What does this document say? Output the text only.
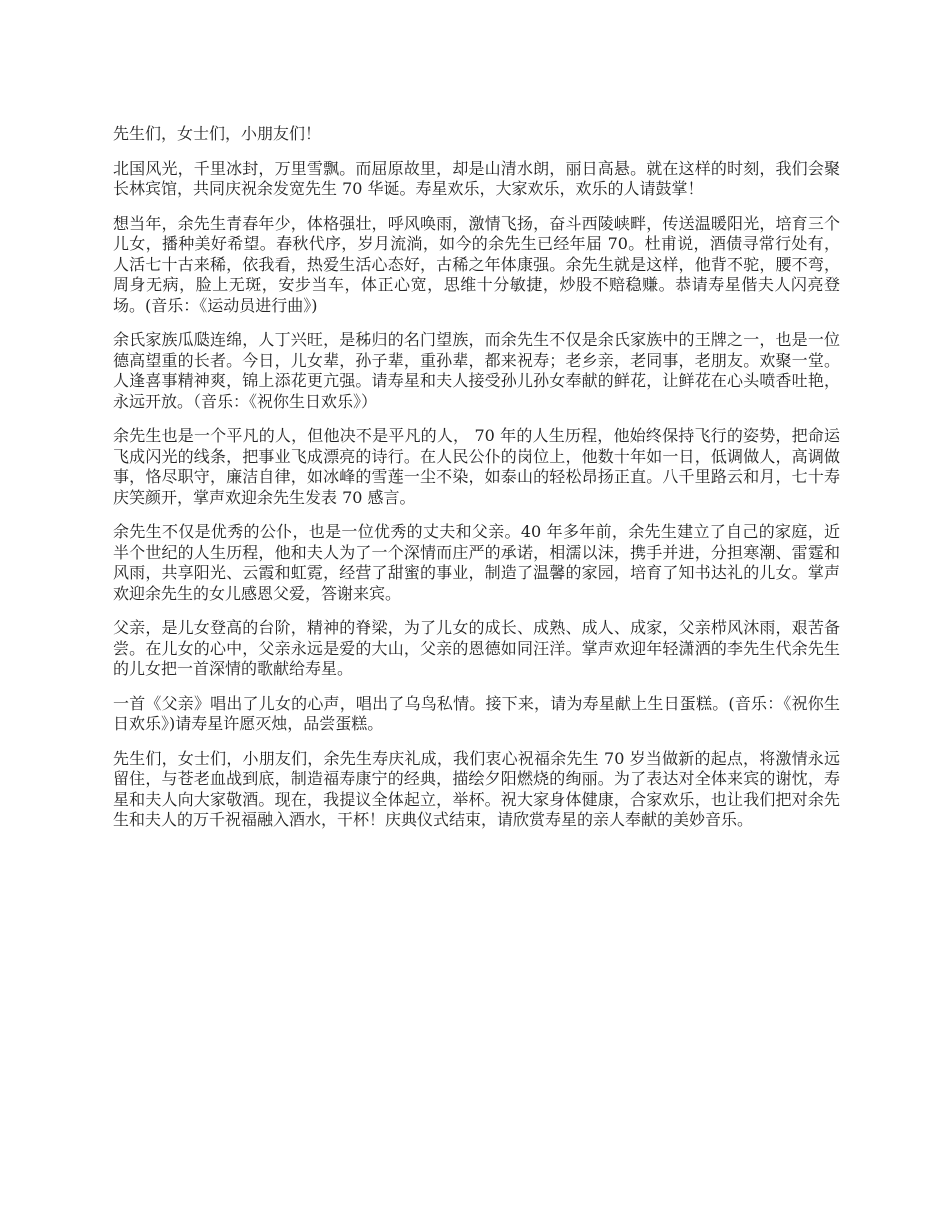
先生们，女士们，小朋友们！

北国风光，千里冰封，万里雪飘。而屈原故里，却是山清水朗，丽日高悬。就在这样的时刻，我们会聚长林宾馆，共同庆祝余发宽先生 70 华诞。寿星欢乐，大家欢乐，欢乐的人请鼓掌！

想当年，余先生青春年少，体格强壮，呼风唤雨，激情飞扬，奋斗西陵峡畔，传送温暖阳光，培育三个儿女，播种美好希望。春秋代序，岁月流淌，如今的余先生已经年届 70。杜甫说，酒债寻常行处有，人活七十古来稀，依我看，热爱生活心态好，古稀之年体康强。余先生就是这样，他背不驼，腰不弯，周身无病，脸上无斑，安步当车，体正心宽，思维十分敏捷，炒股不赔稳赚。恭请寿星偕夫人闪亮登场。(音乐：《运动员进行曲》)

余氏家族瓜瓞连绵，人丁兴旺，是秭归的名门望族，而余先生不仅是余氏家族中的王牌之一，也是一位德高望重的长者。今日，儿女辈，孙子辈，重孙辈，都来祝寿；老乡亲，老同事，老朋友。欢聚一堂。人逢喜事精神爽，锦上添花更亢强。请寿星和夫人接受孙儿孙女奉献的鲜花，让鲜花在心头喷香吐艳，永远开放。（音乐：《祝你生日欢乐》）

余先生也是一个平凡的人，但他决不是平凡的人， 70 年的人生历程，他始终保持飞行的姿势，把命运飞成闪光的线条，把事业飞成漂亮的诗行。在人民公仆的岗位上，他数十年如一日，低调做人，高调做事，恪尽职守，廉洁自律，如冰峰的雪莲一尘不染，如泰山的轻松昂扬正直。八千里路云和月，七十寿庆笑颜开，掌声欢迎余先生发表 70 感言。

余先生不仅是优秀的公仆，也是一位优秀的丈夫和父亲。40 年多年前，余先生建立了自己的家庭，近半个世纪的人生历程，他和夫人为了一个深情而庄严的承诺，相濡以沫，携手并进，分担寒潮、雷霆和风雨，共享阳光、云霞和虹霓，经营了甜蜜的事业，制造了温馨的家园，培育了知书达礼的儿女。掌声欢迎余先生的女儿感恩父爱，答谢来宾。

父亲，是儿女登高的台阶，精神的脊梁，为了儿女的成长、成熟、成人、成家，父亲栉风沐雨，艰苦备尝。在儿女的心中，父亲永远是爱的大山，父亲的恩德如同汪洋。掌声欢迎年轻潇洒的李先生代余先生的儿女把一首深情的歌献给寿星。

一首《父亲》唱出了儿女的心声，唱出了乌鸟私情。接下来，请为寿星献上生日蛋糕。(音乐：《祝你生日欢乐》)请寿星许愿灭烛，品尝蛋糕。

先生们，女士们，小朋友们，余先生寿庆礼成，我们衷心祝福余先生 70 岁当做新的起点，将激情永远留住，与苍老血战到底，制造福寿康宁的经典，描绘夕阳燃烧的绚丽。为了表达对全体来宾的谢忱，寿星和夫人向大家敬酒。现在，我提议全体起立，举杯。祝大家身体健康，合家欢乐，也让我们把对余先生和夫人的万千祝福融入酒水，干杯！庆典仪式结束，请欣赏寿星的亲人奉献的美妙音乐。
